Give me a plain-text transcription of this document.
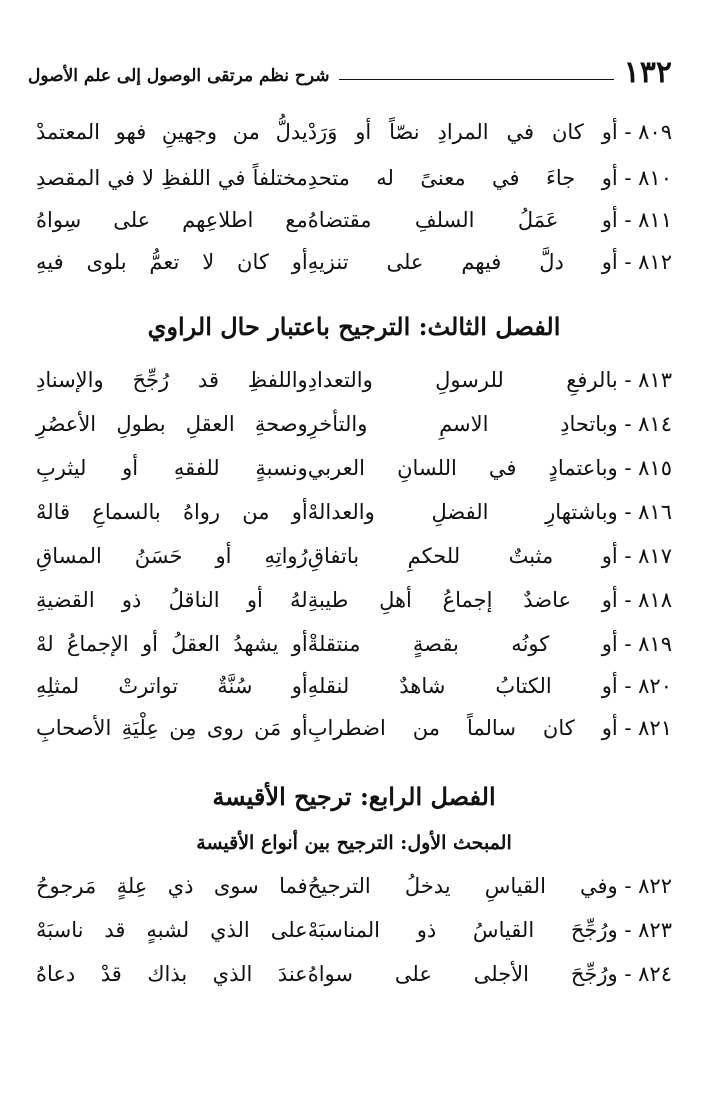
١٣٢
شرح نظم مرتقى الوصول إلى علم الأصول
٨٠٩ - أو كان في المرادِ نصّاً أو وَرَدْ
يدلُّ من وجهينِ فهو المعتمدْ
٨١٠ - أو جاءَ في معنىً له متحدِ
مختلفاً في اللفظِ لا في المقصدِ
٨١١ - أو عَمَلُ السلفِ مقتضاهُ
مع اطلاعِهم على سِواهُ
٨١٢ - أو دلَّ فيهم على تنزيهِ
أو كان لا تعمُّ بلوى فيهِ
الفصل الثالث: الترجيح باعتبار حال الراوي
٨١٣ - بالرفعِ للرسولِ والتعدادِ
واللفظِ قد رُجِّحَ والإسنادِ
٨١٤ - وباتحادِ الاسمِ والتأخرِ
وصحةِ العقلِ بطولِ الأعصُرِ
٨١٥ - وباعتمادٍ في اللسانِ العربي
ونسبةٍ للفقهِ أو ليثربِ
٨١٦ - وباشتهارِ الفضلِ والعدالهْ
أو من رواهُ بالسماعِ قالهْ
٨١٧ - أو مثبتٌ للحكمِ باتفاقِ
رُواتِهِ أو حَسَنُ المساقِ
٨١٨ - أو عاضدٌ إجماعُ أهلِ طيبةِ
لهُ أو الناقلُ ذو القضيةِ
٨١٩ - أو كونُه بقصةٍ منتقلةْ
أو يشهدُ العقلُ أو الإجماعُ لهْ
٨٢٠ - أو الكتابُ شاهدٌ لنقلهِ
أو سُنَّةٌ تواترتْ لمثلِهِ
٨٢١ - أو كان سالماً من اضطرابِ
أو مَن روى مِن عِلْيَةِ الأصحابِ
الفصل الرابع: ترجيح الأقيسة
المبحث الأول: الترجيح بين أنواع الأقيسة
٨٢٢ - وفي القياسِ يدخلُ الترجيحُ
فما سوى ذي عِلةٍ مَرجوحُ
٨٢٣ - ورُجِّحَ القياسُ ذو المناسبَهْ
على الذي لشبهٍ قد ناسبَهْ
٨٢٤ - ورُجِّحَ الأجلى على سواهُ
عندَ الذي بذاك قدْ دعاهُ
